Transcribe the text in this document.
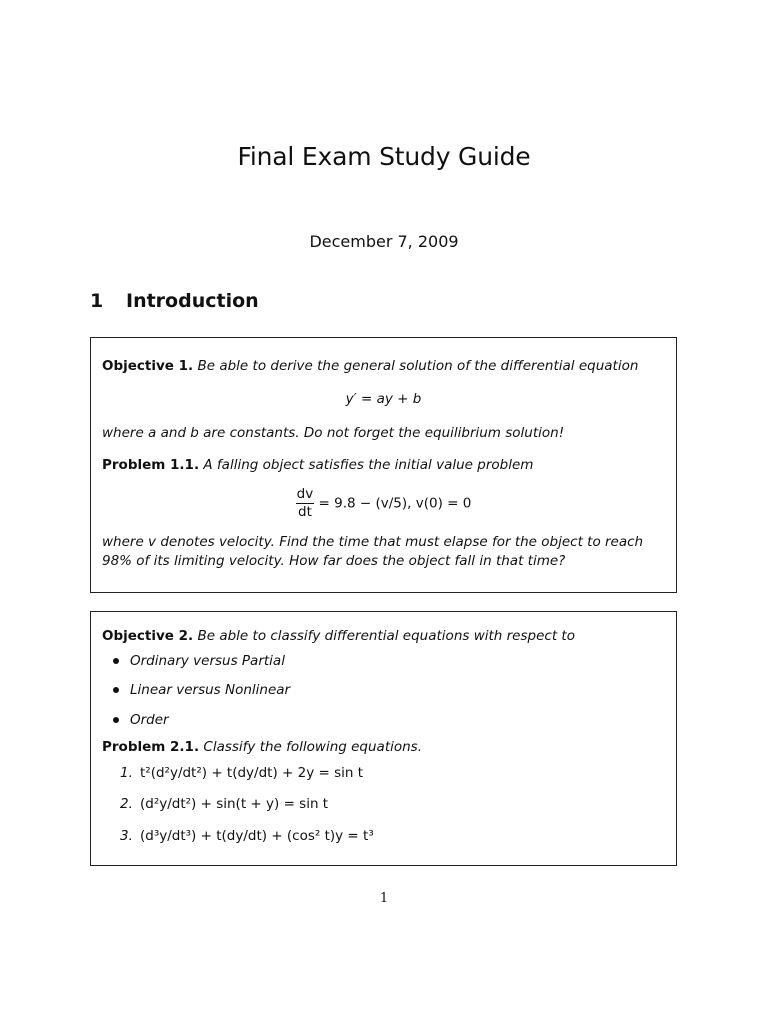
Final Exam Study Guide
December 7, 2009
1 Introduction
Objective 1. Be able to derive the general solution of the differential equation
y′ = ay + b
where a and b are constants. Do not forget the equilibrium solution!
Problem 1.1. A falling object satisfies the initial value problem
$\frac{dv}{dt} = 9.8 - (v/5)$, v(0) = 0
where v denotes velocity. Find the time that must elapse for the object to reach 98% of its limiting velocity. How far does the object fall in that time?
Objective 2. Be able to classify differential equations with respect to
Ordinary versus Partial
Linear versus Nonlinear
Order
Problem 2.1. Classify the following equations.
1. t²(d²y/dt²) + t(dy/dt) + 2y = sin t
2. (d²y/dt²) + sin(t + y) = sin t
3. (d³y/dt³) + t(dy/dt) + (cos² t)y = t³
1
